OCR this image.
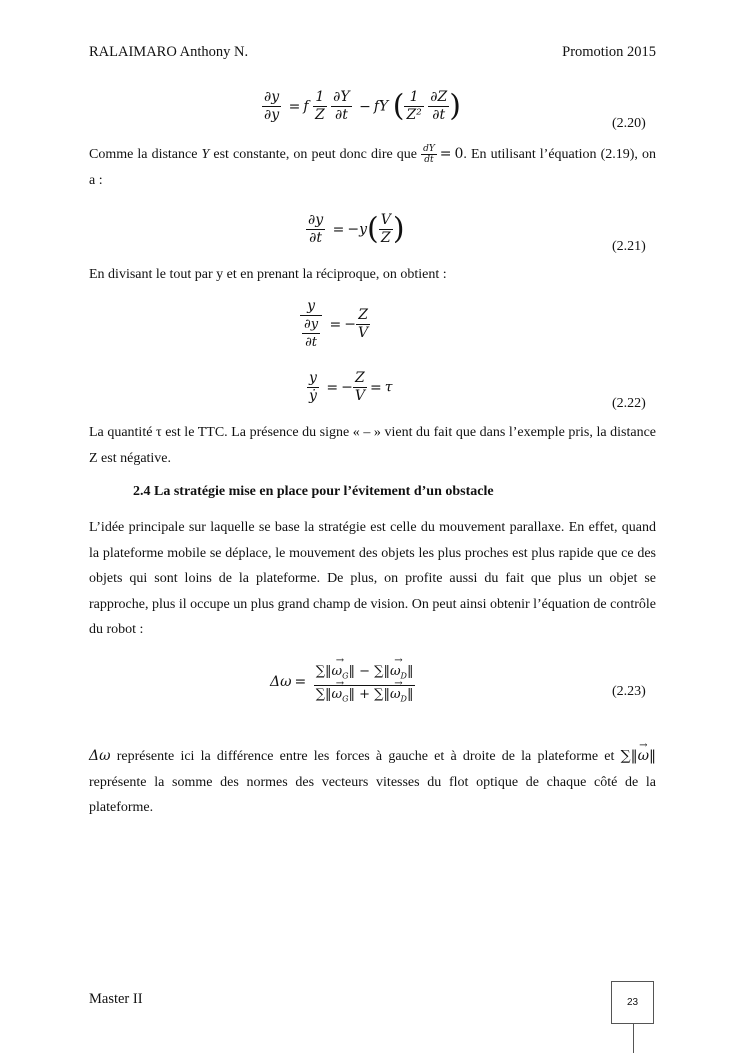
RALAIMARO Anthony N.	Promotion 2015
$\frac{\partial y}{\partial y} = f \frac{1}{Z}$
$\frac{\partial Y}{\partial t}$ − fY ( $\frac{1}{\text{Z²}}$
$\frac{\partial Z}{\partial t}$ )	(2.20)
Comme la distance Y est constante, on peut donc dire que $\frac{dY}{dt} = 0$. En utilisant l’équation (2.19), on a :
$\frac{\partial y}{\partial t} = -y( \frac{V}{Z}$ )	(2.21)
En divisant le tout par y et en prenant la réciproque, on obtient :
$\frac{y}{\frac{\partial y}{\partial t}}$ = − $\frac{Z}{V}$
$\frac{y}{\text{ẏ}}$ = − $\frac{Z}{V} = \tau$
(2.22)
La quantité τ est le TTC. La présence du signe « – » vient du fait que dans l’exemple pris, la distance Z est négative.
2.4 La stratégie mise en place pour l’évitement d’un obstacle
L’idée principale sur laquelle se base la stratégie est celle du mouvement parallaxe. En effet, quand la plateforme mobile se déplace, le mouvement des objets les plus proches est plus rapide que ce des objets qui sont loins de la plateforme. De plus, on profite aussi du fait que plus un objet se rapproche, plus il occupe un plus grand champ de vision. On peut ainsi obtenir l’équation de contrôle du robot :
$\Delta\omega = \frac{\sum‖\omega_G \to‖ - \sum‖\omega_D \to‖}{\sum‖\omega_G \to‖ + \sum‖\omega_D \to‖}$	(2.23)
Δω représente ici la différence entre les forces à gauche et à droite de la plateforme et ∑‖ω →‖ représente la somme des normes des vecteurs vitesses du flot optique de chaque côté de la plateforme.
Master II	23
